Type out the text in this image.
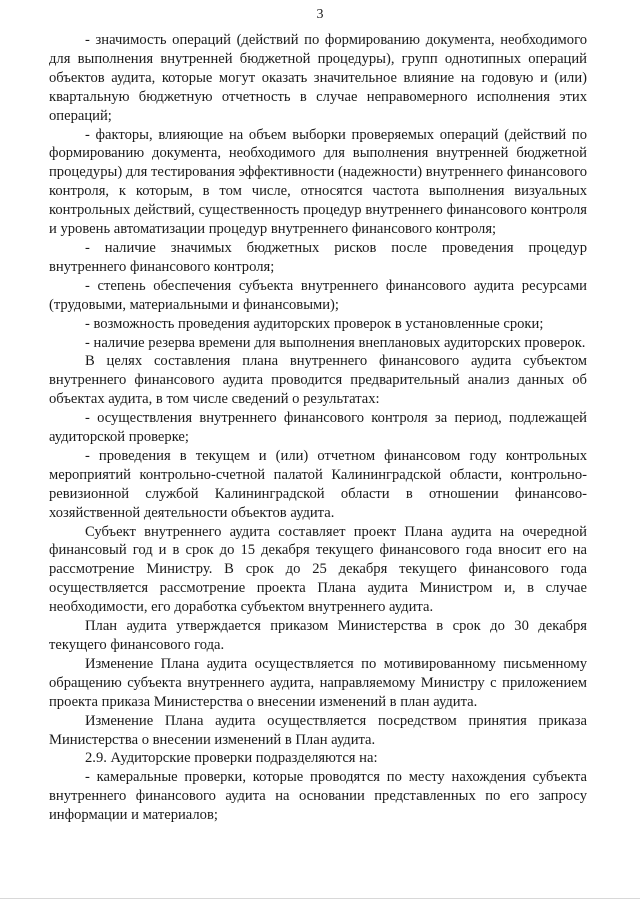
3

- значимость операций (действий по формированию документа, необходимого для выполнения внутренней бюджетной процедуры), групп однотипных операций объектов аудита, которые могут оказать значительное влияние на годовую и (или) квартальную бюджетную отчетность в случае неправомерного исполнения этих операций;

- факторы, влияющие на объем выборки проверяемых операций (действий по формированию документа, необходимого для выполнения внутренней бюджетной процедуры) для тестирования эффективности (надежности) внутреннего финансового контроля, к которым, в том числе, относятся частота выполнения визуальных контрольных действий, существенность процедур внутреннего финансового контроля и уровень автоматизации процедур внутреннего финансового контроля;

- наличие значимых бюджетных рисков после проведения процедур внутреннего финансового контроля;

- степень обеспечения субъекта внутреннего финансового аудита ресурсами (трудовыми, материальными и финансовыми);

- возможность проведения аудиторских проверок в установленные сроки;

- наличие резерва времени для выполнения внеплановых аудиторских проверок.

В целях составления плана внутреннего финансового аудита субъектом внутреннего финансового аудита проводится предварительный анализ данных об объектах аудита, в том числе сведений о результатах:

- осуществления внутреннего финансового контроля за период, подлежащей аудиторской проверке;

- проведения в текущем и (или) отчетном финансовом году контрольных мероприятий контрольно-счетной палатой Калининградской области, контрольно-ревизионной службой Калининградской области в отношении финансово-хозяйственной деятельности объектов аудита.

Субъект внутреннего аудита составляет проект Плана аудита на очередной финансовый год и в срок до 15 декабря текущего финансового года вносит его на рассмотрение Министру. В срок до 25 декабря текущего финансового года осуществляется рассмотрение проекта Плана аудита Министром и, в случае необходимости, его доработка субъектом внутреннего аудита.

План аудита утверждается приказом Министерства в срок до 30 декабря текущего финансового года.

Изменение Плана аудита осуществляется по мотивированному письменному обращению субъекта внутреннего аудита, направляемому Министру с приложением проекта приказа Министерства о внесении изменений в план аудита.

Изменение Плана аудита осуществляется посредством принятия приказа Министерства о внесении изменений в План аудита.

2.9. Аудиторские проверки подразделяются на:

- камеральные проверки, которые проводятся по месту нахождения субъекта внутреннего финансового аудита на основании представленных по его запросу информации и материалов;
